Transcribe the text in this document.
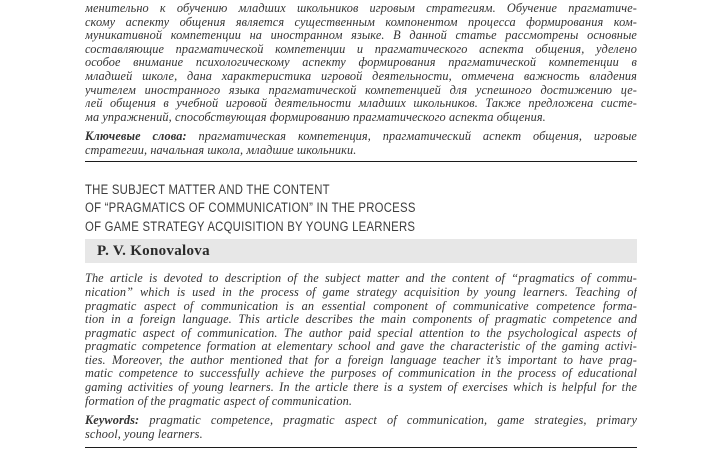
менительно к обучению младших школьников игровым стратегиям. Обучение прагматиче-
скому аспекту общения является существенным компонентом процесса формирования ком-
муникативной компетенции на иностранном языке. В данной статье рассмотрены основные
составляющие прагматической компетенции и прагматического аспекта общения, уделено
особое внимание психологическому аспекту формирования прагматической компетенции в
младшей школе, дана характеристика игровой деятельности, отмечена важность владения
учителем иностранного языка прагматической компетенцией для успешного достижению це-
лей общения в учебной игровой деятельности младших школьников. Также предложена систе-
ма упражнений, способствующая формированию прагматического аспекта общения.
Ключевые слова: прагматическая компетенция, прагматический аспект общения, игровые
стратегии, начальная школа, младшие школьники.
THE SUBJECT MATTER AND THE CONTENT
OF “PRAGMATICS OF COMMUNICATION” IN THE PROCESS
OF GAME STRATEGY ACQUISITION BY YOUNG LEARNERS
P. V. Konovalova
The article is devoted to description of the subject matter and the content of “pragmatics of commu-
nication” which is used in the process of game strategy acquisition by young learners. Teaching of
pragmatic aspect of communication is an essential component of communicative competence forma-
tion in a foreign language. This article describes the main components of pragmatic competence and
pragmatic aspect of communication. The author paid special attention to the psychological aspects of
pragmatic competence formation at elementary school and gave the characteristic of the gaming activi-
ties. Moreover, the author mentioned that for a foreign language teacher it’s important to have prag-
matic competence to successfully achieve the purposes of communication in the process of educational
gaming activities of young learners. In the article there is a system of exercises which is helpful for the
formation of the pragmatic aspect of communication.
Keywords: pragmatic competence, pragmatic aspect of communication, game strategies, primary
school, young learners.
